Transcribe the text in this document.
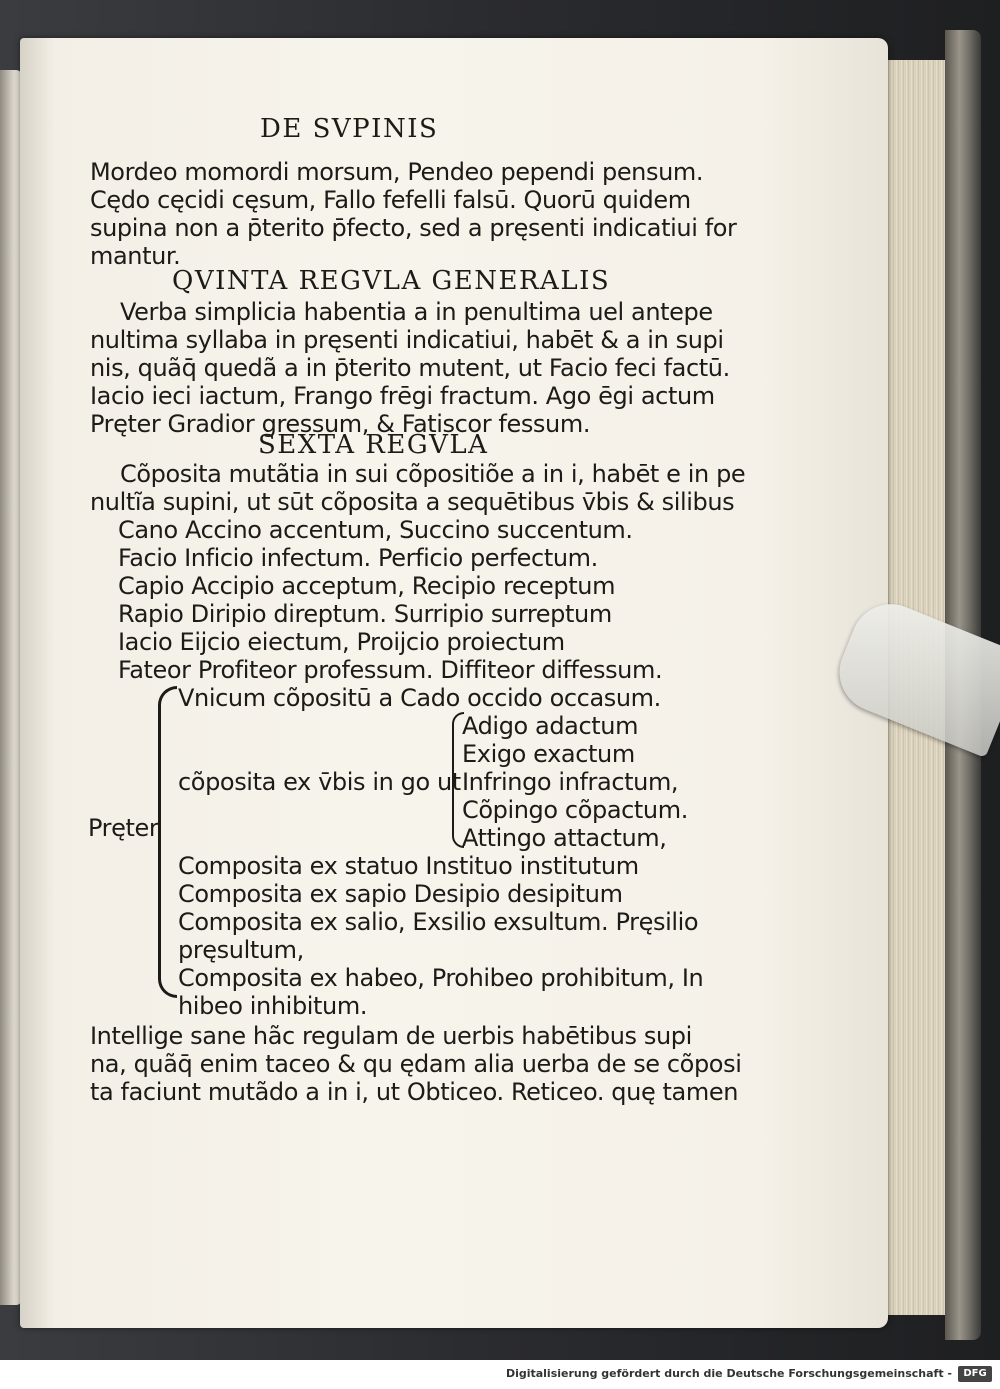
DE SVPINIS
Mordeo momordi morsum, Pendeo pependi pensum.
Cędo cęcidi cęsum, Fallo fefelli falsū. Quorū quidem
supina non a p̄terito p̄fecto, sed a pręsenti indicatiui for
mantur.
QVINTA REGVLA GENERALIS
Verba simplicia habentia a in penultima uel antepe
nultima syllaba in pręsenti indicatiui, habēt & a in supi
nis, quãq̄ quedã a in p̄terito mutent, ut Facio feci factū.
Iacio ieci iactum, Frango frēgi fractum. Ago ēgi actum
Pręter Gradior gressum, & Fatiscor fessum.
SEXTA REGVLA
Cõposita mutãtia in sui cõpositiõe a in i, habēt e in pe
nultĩa supini, ut sūt cõposita a sequētibus v̄bis & silibus
Cano Accino accentum, Succino succentum.
Facio Inficio infectum. Perficio perfectum.
Capio Accipio acceptum, Recipio receptum
Rapio Diripio direptum. Surripio surreptum
Iacio Eijcio eiectum, Proijcio proiectum
Fateor Profiteor professum. Diffiteor diffessum.
Pręter
Vnicum cõpositū a Cado occido occasum.
Adigo adactum
Exigo exactum
cõposita ex v̄bis in go ut Infringo infractum,
Cõpingo cõpactum.
Attingo attactum,
Composita ex statuo Instituo institutum
Composita ex sapio Desipio desipitum
Composita ex salio, Exsilio exsultum. Pręsilio
pręsultum,
Composita ex habeo, Prohibeo prohibitum, In
hibeo inhibitum.
Intellige sane hãc regulam de uerbis habētibus supi
na, quãq̄ enim taceo & qu ędam alia uerba de se cõposi
ta faciunt mutãdo a in i, ut Obticeo. Reticeo. quę tamen
Digitalisierung gefördert durch die Deutsche Forschungsgemeinschaft -	DFG
